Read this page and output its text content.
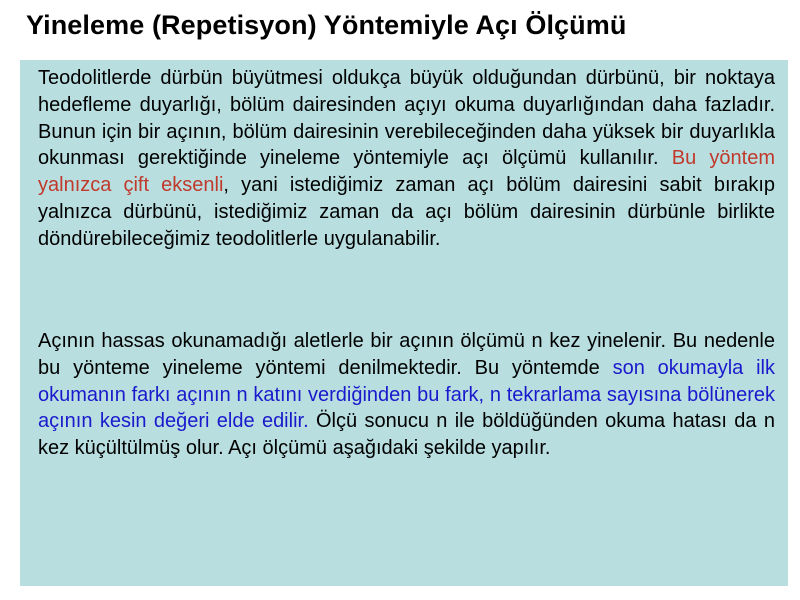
Yineleme (Repetisyon) Yöntemiyle Açı Ölçümü

Teodolitlerde dürbün büyütmesi oldukça büyük olduğundan dürbünü, bir noktaya hedefleme duyarlığı, bölüm dairesinden açıyı okuma duyarlığından daha fazladır. Bunun için bir açının, bölüm dairesinin verebileceğinden daha yüksek bir duyarlıkla okunması gerektiğinde yineleme yöntemiyle açı ölçümü kullanılır. Bu yöntem yalnızca çift eksenli, yani istediğimiz zaman açı bölüm dairesini sabit bırakıp yalnızca dürbünü, istediğimiz zaman da açı bölüm dairesinin dürbünle birlikte döndürebileceğimiz teodolitlerle uygulanabilir.

Açının hassas okunamadığı aletlerle bir açının ölçümü n kez yinelenir. Bu nedenle bu yönteme yineleme yöntemi denilmektedir. Bu yöntemde son okumayla ilk okumanın farkı açının n katını verdiğinden bu fark, n tekrarlama sayısına bölünerek açının kesin değeri elde edilir. Ölçü sonucu n ile böldüğünden okuma hatası da n kez küçültülmüş olur. Açı ölçümü aşağıdaki şekilde yapılır.
